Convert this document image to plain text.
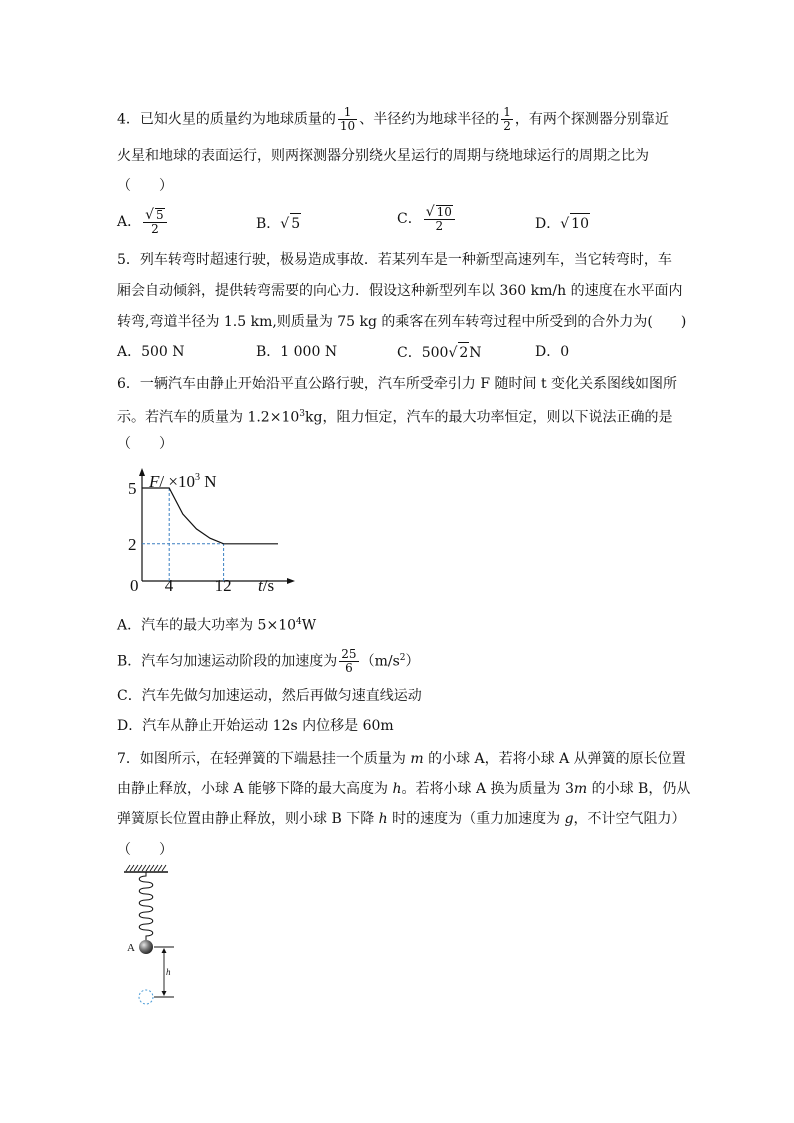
4．已知火星的质量约为地球质量的 $\frac{1}{10}$ 、半径约为地球半径的 $\frac{1}{2}$ ，有两个探测器分别靠近
火星和地球的表面运行，则两探测器分别绕火星运行的周期与绕地球运行的周期之比为
（　　）
A． $\frac{√ 5}{2}$	B．√ 5	C． $\frac{√ 10}{2}$	D．√ 10
5．列车转弯时超速行驶，极易造成事故．若某列车是一种新型高速列车，当它转弯时，车
厢会自动倾斜，提供转弯需要的向心力．假设这种新型列车以 360 km/h 的速度在水平面内
转弯,弯道半径为 1.5 km,则质量为 75 kg 的乘客在列车转弯过程中所受到的合外力为(　　)
A．500 N	B．1 000 N	C．500√ 2N	D．0
6．一辆汽车由静止开始沿平直公路行驶，汽车所受牵引力 F 随时间 t 变化关系图线如图所
示。若汽车的质量为 $1.2\times 10^3kg$，阻力恒定，汽车的最大功率恒定，则以下说法正确的是
（　　）
4 12
5
2
$F/ \times 10^3$ N
t/s
0
A．汽车的最大功率为 $5\times 10^4W$
B．汽车匀加速运动阶段的加速度为 $\frac{25}{6} (m/s^2)$
C．汽车先做匀加速运动，然后再做匀速直线运动
D．汽车从静止开始运动 12s 内位移是 60m
7．如图所示，在轻弹簧的下端悬挂一个质量为 m 的小球 A，若将小球 A 从弹簧的原长位置
由静止释放，小球 A 能够下降的最大高度为 h。若将小球 A 换为质量为 3m 的小球 B，仍从
弹簧原长位置由静止释放，则小球 B 下降 h 时的速度为（重力加速度为 g，不计空气阻力）
（　　）
A
h
